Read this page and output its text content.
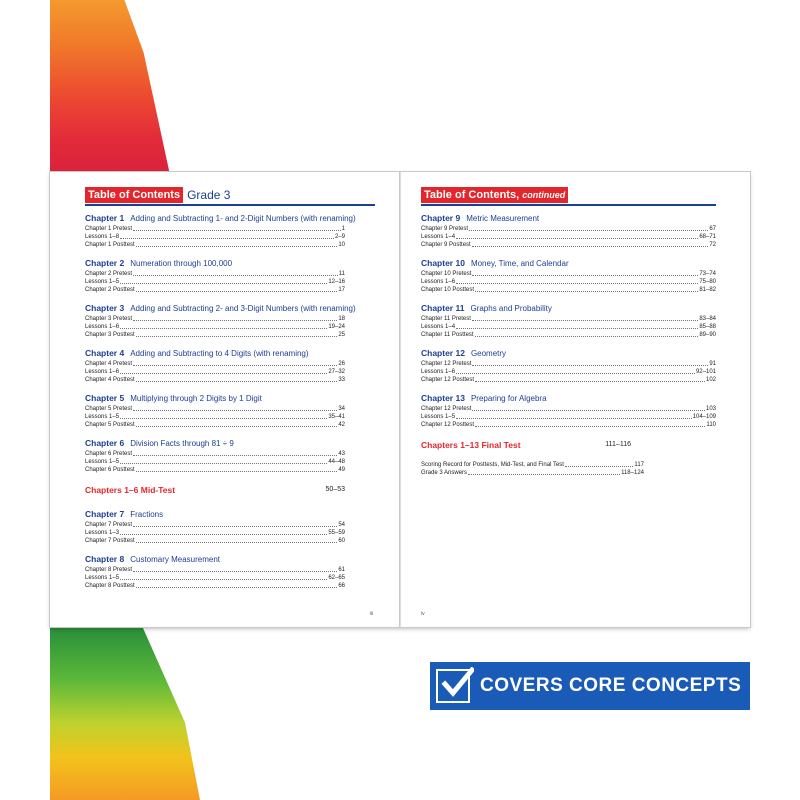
Table of Contents Grade 3
Chapter 1 Adding and Subtracting 1- and 2-Digit Numbers (with renaming)
Chapter 1 Pretest	1
Lessons 1–8	2–9
Chapter 1 Posttest	10
Chapter 2 Numeration through 100,000
Chapter 2 Pretest	11
Lessons 1–5	12–16
Chapter 2 Posttest	17
Chapter 3 Adding and Subtracting 2- and 3-Digit Numbers (with renaming)
Chapter 3 Pretest	18
Lessons 1–6	19–24
Chapter 3 Posttest	25
Chapter 4 Adding and Subtracting to 4 Digits (with renaming)
Chapter 4 Pretest	26
Lessons 1–6	27–32
Chapter 4 Posttest	33
Chapter 5 Multiplying through 2 Digits by 1 Digit
Chapter 5 Pretest	34
Lessons 1–5	35–41
Chapter 5 Posttest	42
Chapter 6 Division Facts through 81 ÷ 9
Chapter 6 Pretest	43
Lessons 1–5	44–48
Chapter 6 Posttest	49
Chapters 1–6 Mid-Test	50–53
Chapter 7 Fractions
Chapter 7 Pretest	54
Lessons 1–3	55–59
Chapter 7 Posttest	60
Chapter 8 Customary Measurement
Chapter 8 Pretest	61
Lessons 1–5	62–65
Chapter 8 Posttest	66
iii
Table of Contents, continued
Chapter 9 Metric Measurement
Chapter 9 Pretest	67
Lessons 1–4	68–71
Chapter 9 Posttest	72
Chapter 10 Money, Time, and Calendar
Chapter 10 Pretest	73–74
Lessons 1–6	75–80
Chapter 10 Posttest	81–82
Chapter 11 Graphs and Probability
Chapter 11 Pretest	83–84
Lessons 1–4	85–88
Chapter 11 Posttest	89–90
Chapter 12 Geometry
Chapter 12 Pretest	91
Lessons 1–6	92–101
Chapter 12 Posttest	102
Chapter 13 Preparing for Algebra
Chapter 12 Pretest	103
Lessons 1–5	104–109
Chapter 12 Posttest	110
Chapters 1–13 Final Test	111–116
Scoring Record for Posttests, Mid-Test, and Final Test	117
Grade 3 Answers	118–124
iv
COVERS CORE CONCEPTS
